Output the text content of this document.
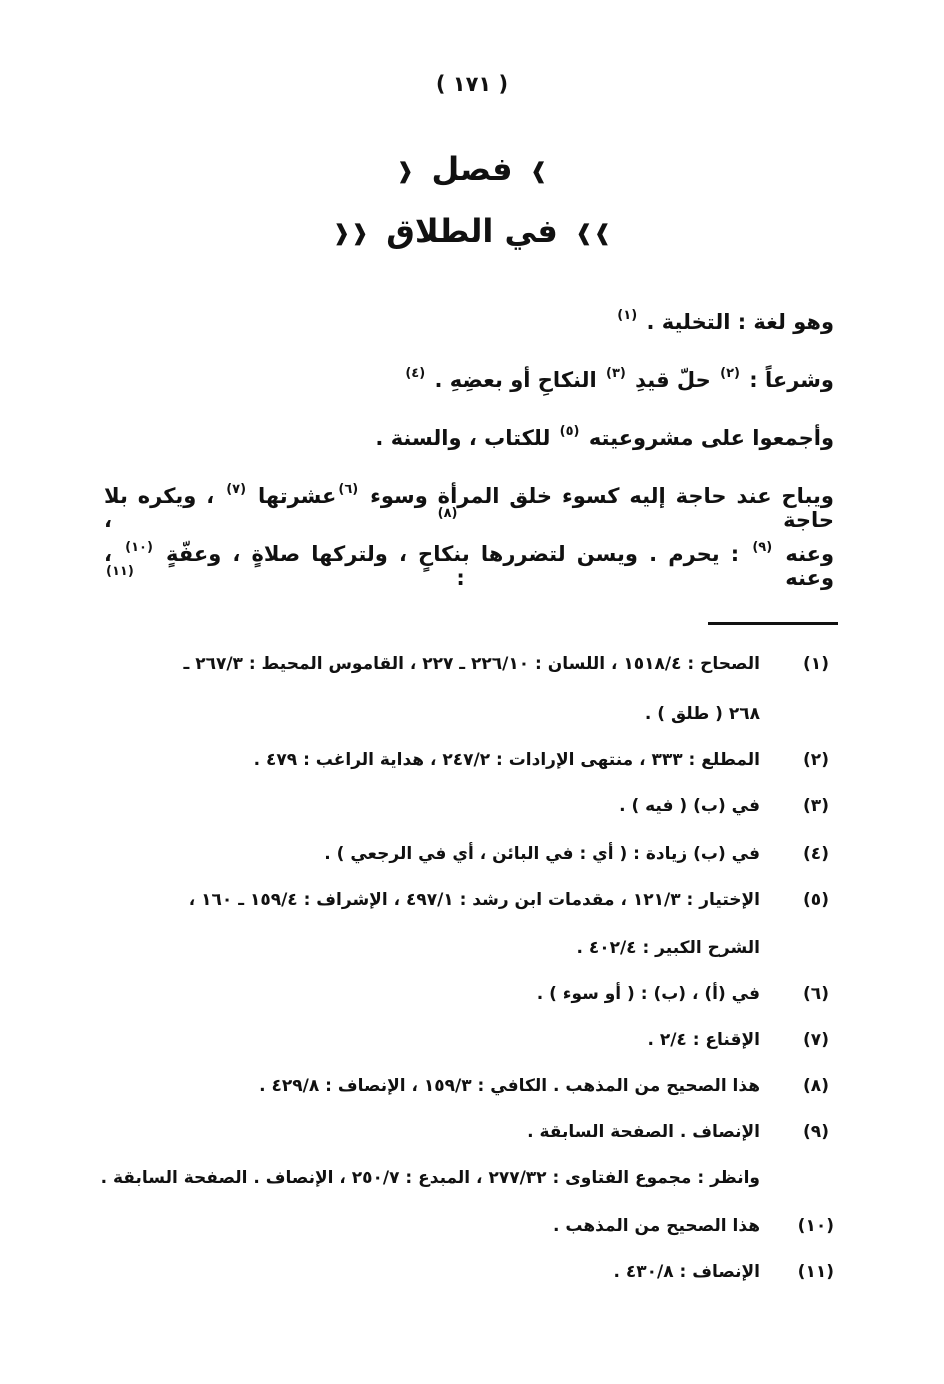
( ١٧١ )
❱ فصل ❰
❱❱ في الطلاق ❰❰
وهو لغة : التخلية . $^{(١)}$
وشرعاً : $^{(٢)}$ حلّ قيدِ $^{(٣)}$ النكاحِ أو بعضِهِ . $^{(٤)}$
وأجمعوا على مشروعيته $^{(٥)}$ للكتاب ، والسنة .
ويباح عند حاجة إليه كسوء خلق المرأة وسوء $^{(٦)}$عشرتها $^{(٧)}$ ، ويكره بلا حاجة $^{(٨)}$ ،
وعنه $^{(٩)}$ : يحرم . ويسن لتضررها بنكاحٍ ، ولتركها صلاةٍ ، وعفّةٍ $^{(١٠)}$ ، وعنه : $^{(١١)}$
(١)
الصحاح : ١٥١٨/٤ ، اللسان : ٢٢٦/١٠ ـ ٢٢٧ ، القاموس المحيط : ٢٦٧/٣ ـ
٢٦٨ ( طلق ) .
(٢)
المطلع : ٣٣٣ ، منتهى الإرادات : ٢٤٧/٢ ، هداية الراغب : ٤٧٩ .
(٣)
في (ب) ( فيه ) .
(٤)
في (ب) زيادة : ( أي : في البائن ، أي في الرجعي ) .
(٥)
الإختيار : ١٢١/٣ ، مقدمات ابن رشد : ٤٩٧/١ ، الإشراف : ١٥٩/٤ ـ ١٦٠ ،
الشرح الكبير : ٤٠٢/٤ .
(٦)
في (أ) ، (ب) : ( أو سوء ) .
(٧)
الإقناع : ٢/٤ .
(٨)
هذا الصحيح من المذهب . الكافي : ١٥٩/٣ ، الإنصاف : ٤٢٩/٨ .
(٩)
الإنصاف . الصفحة السابقة .
وانظر : مجموع الفتاوى : ٢٧٧/٣٢ ، المبدع : ٢٥٠/٧ ، الإنصاف . الصفحة السابقة .
(١٠)
هذا الصحيح من المذهب .
(١١)
الإنصاف : ٤٣٠/٨ .
